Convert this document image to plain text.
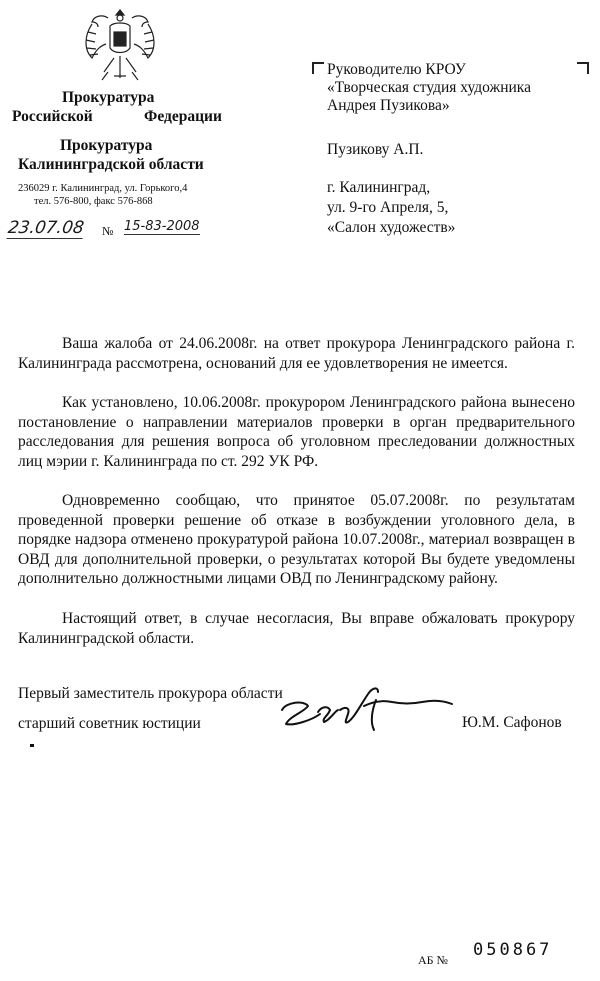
Прокуратура
Российской	Федерации
Прокуратура
Калининградской области
236029 г. Калининград, ул. Горького,4
тел. 576-800, факс 576-868
23.07.08 № 15-83-2008
Руководителю КРОУ
«Творческая студия художника
Андрея Пузикова»
Пузикову А.П.
г. Калининград,
ул. 9-го Апреля, 5,
«Салон художеств»

Ваша жалоба от 24.06.2008г. на ответ прокурора Ленинградского района г. Калининграда рассмотрена, оснований для ее удовлетворения не имеется.

Как установлено, 10.06.2008г. прокурором Ленинградского района вынесено постановление о направлении материалов проверки в орган предварительного расследования для решения вопроса об уголовном преследовании должностных лиц мэрии г. Калининграда по ст. 292 УК РФ.

Одновременно сообщаю, что принятое 05.07.2008г. по результатам проведенной проверки решение об отказе в возбуждении уголовного дела, в порядке надзора отменено прокуратурой района 10.07.2008г., материал возвращен в ОВД для дополнительной проверки, о результатах которой Вы будете уведомлены дополнительно должностными лицами ОВД по Ленинградскому району.

Настоящий ответ, в случае несогласия, Вы вправе обжаловать прокурору Калининградской области.

Первый заместитель прокурора области
старший советник юстиции	Ю.М. Сафонов
АБ № 050867
